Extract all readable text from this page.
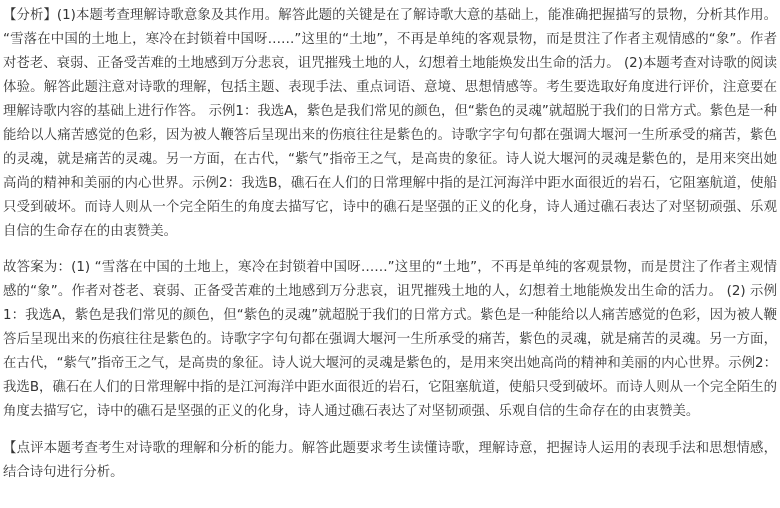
【分析】(1)本题考查理解诗歌意象及其作用。解答此题的关键是在了解诗歌大意的基础上，能准确把握描写的景物，分析其作用。 “雪落在中国的土地上，寒冷在封锁着中国呀……”这里的“土地”，不再是单纯的客观景物，而是贯注了作者主观情感的“象”。作者对苍老、衰弱、正备受苦难的土地感到万分悲哀，诅咒摧残土地的人，幻想着土地能焕发出生命的活力。 (2)本题考查对诗歌的阅读体验。解答此题注意对诗歌的理解，包括主题、表现手法、重点词语、意境、思想情感等。考生要选取好角度进行评价，注意要在理解诗歌内容的基础上进行作答。 示例1：我选A，紫色是我们常见的颜色，但“紫色的灵魂”就超脱于我们的日常方式。紫色是一种能给以人痛苦感觉的色彩，因为被人鞭答后呈现出来的伤痕往往是紫色的。诗歌字字句句都在强调大堰河一生所承受的痛苦，紫色的灵魂，就是痛苦的灵魂。另一方面，在古代，“紫气”指帝王之气，是高贵的象征。诗人说大堰河的灵魂是紫色的，是用来突出她高尚的精神和美丽的内心世界。示例2：我选B，礁石在人们的日常理解中指的是江河海洋中距水面很近的岩石，它阻塞航道，使船只受到破坏。而诗人则从一个完全陌生的角度去描写它，诗中的礁石是坚强的正义的化身，诗人通过礁石表达了对坚韧顽强、乐观自信的生命存在的由衷赞美。

故答案为：(1) “雪落在中国的土地上，寒冷在封锁着中国呀……”这里的“土地”，不再是单纯的客观景物，而是贯注了作者主观情感的“象”。作者对苍老、衰弱、正备受苦难的土地感到万分悲哀，诅咒摧残土地的人，幻想着土地能焕发出生命的活力。 (2) 示例1：我选A，紫色是我们常见的颜色，但“紫色的灵魂”就超脱于我们的日常方式。紫色是一种能给以人痛苦感觉的色彩，因为被人鞭答后呈现出来的伤痕往往是紫色的。诗歌字字句句都在强调大堰河一生所承受的痛苦，紫色的灵魂，就是痛苦的灵魂。另一方面，在古代，“紫气”指帝王之气，是高贵的象征。诗人说大堰河的灵魂是紫色的，是用来突出她高尚的精神和美丽的内心世界。示例2：我选B，礁石在人们的日常理解中指的是江河海洋中距水面很近的岩石，它阻塞航道，使船只受到破坏。而诗人则从一个完全陌生的角度去描写它，诗中的礁石是坚强的正义的化身，诗人通过礁石表达了对坚韧顽强、乐观自信的生命存在的由衷赞美。

【点评本题考查考生对诗歌的理解和分析的能力。解答此题要求考生读懂诗歌，理解诗意，把握诗人运用的表现手法和思想情感，结合诗句进行分析。
